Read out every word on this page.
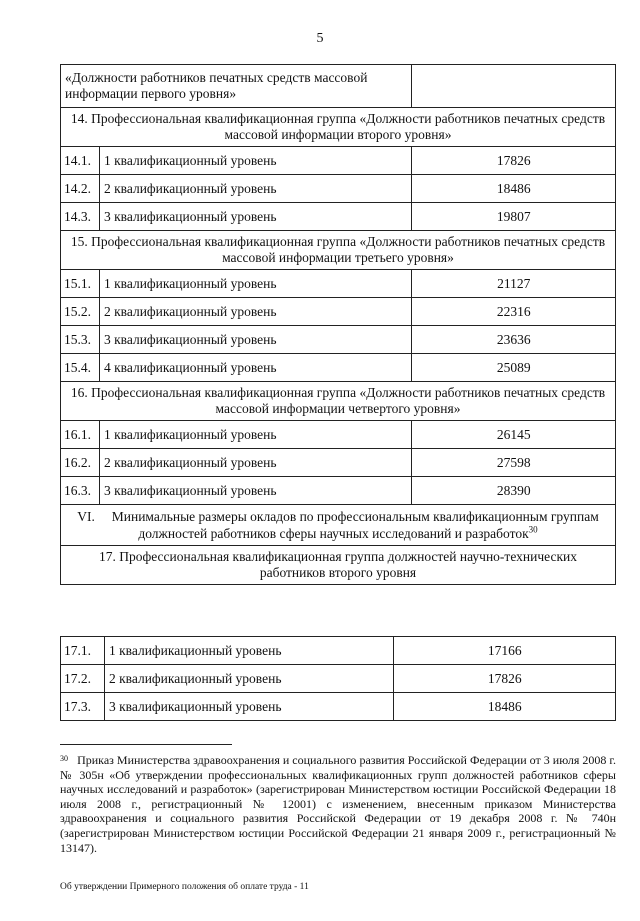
5
«Должности работников печатных средств массовой информации первого уровня»		
14. Профессиональная квалификационная группа «Должности работников печатных средств массовой информации второго уровня»		
14.1.	1 квалификационный уровень	17826
14.2.	2 квалификационный уровень	18486
14.3.	3 квалификационный уровень	19807
15. Профессиональная квалификационная группа «Должности работников печатных средств массовой информации третьего уровня»		
15.1.	1 квалификационный уровень	21127
15.2.	2 квалификационный уровень	22316
15.3.	3 квалификационный уровень	23636
15.4.	4 квалификационный уровень	25089
16. Профессиональная квалификационная группа «Должности работников печатных средств массовой информации четвертого уровня»		
16.1.	1 квалификационный уровень	26145
16.2.	2 квалификационный уровень	27598
16.3.	3 квалификационный уровень	28390
VI. Минимальные размеры окладов по профессиональным квалификационным группам должностей работников сферы научных исследований и разработок$^{30}$
17. Профессиональная квалификационная группа должностей научно-технических работников второго уровня		
17.1.	1 квалификационный уровень	17166
17.2.	2 квалификационный уровень	17826
17.3.	3 квалификационный уровень	18486
$^{30}$ Приказ Министерства здравоохранения и социального развития Российской Федерации от 3 июля 2008 г. № 305н «Об утверждении профессиональных квалификационных групп должностей работников сферы научных исследований и разработок» (зарегистрирован Министерством юстиции Российской Федерации 18 июля 2008 г., регистрационный № 12001) с изменением, внесенным приказом Министерства здравоохранения и социального развития Российской Федерации от 19 декабря 2008 г. № 740н (зарегистрирован Министерством юстиции Российской Федерации 21 января 2009 г., регистрационный № 13147).
Об утверждении Примерного положения об оплате труда - 11
